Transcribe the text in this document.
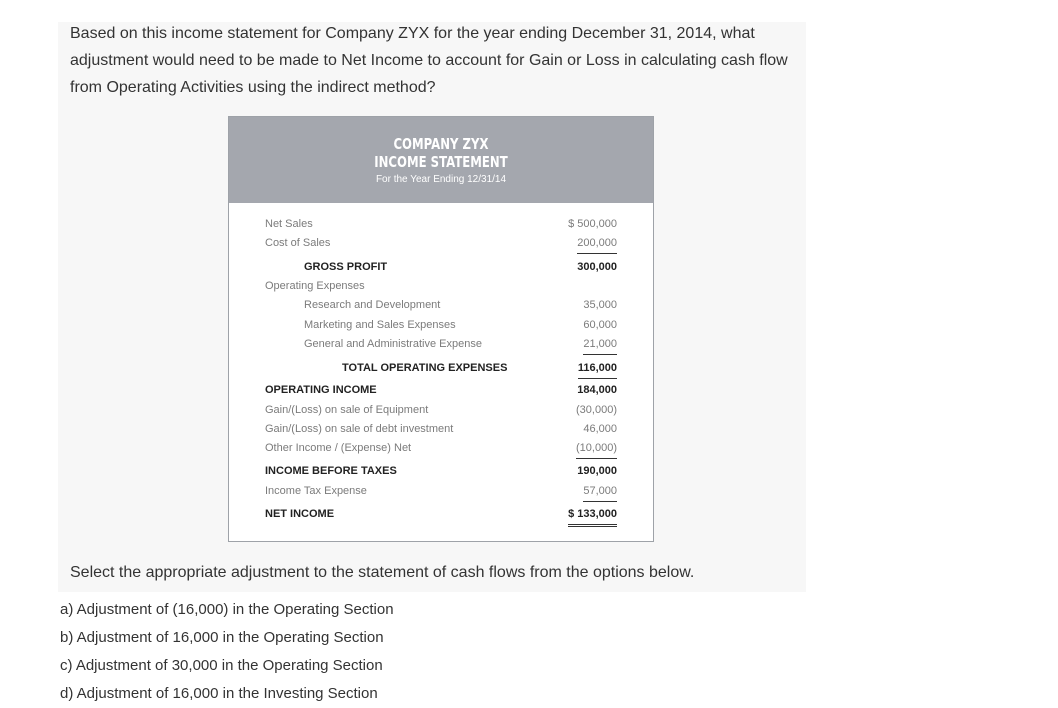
Based on this income statement for Company ZYX for the year ending December 31, 2014, what adjustment would need to be made to Net Income to account for Gain or Loss in calculating cash flow from Operating Activities using the indirect method?

COMPANY ZYX
INCOME STATEMENT
For the Year Ending 12/31/14
Net Sales	$ 500,000
Cost of Sales	200,000
GROSS PROFIT	300,000
Operating Expenses
Research and Development	35,000
Marketing and Sales Expenses	60,000
General and Administrative Expense	21,000
TOTAL OPERATING EXPENSES	116,000
OPERATING INCOME	184,000
Gain/(Loss) on sale of Equipment	(30,000)
Gain/(Loss) on sale of debt investment	46,000
Other Income / (Expense) Net	(10,000)
INCOME BEFORE TAXES	190,000
Income Tax Expense	57,000
NET INCOME	$ 133,000

Select the appropriate adjustment to the statement of cash flows from the options below.

a) Adjustment of (16,000) in the Operating Section
b) Adjustment of 16,000 in the Operating Section
c) Adjustment of 30,000 in the Operating Section
d) Adjustment of 16,000 in the Investing Section
